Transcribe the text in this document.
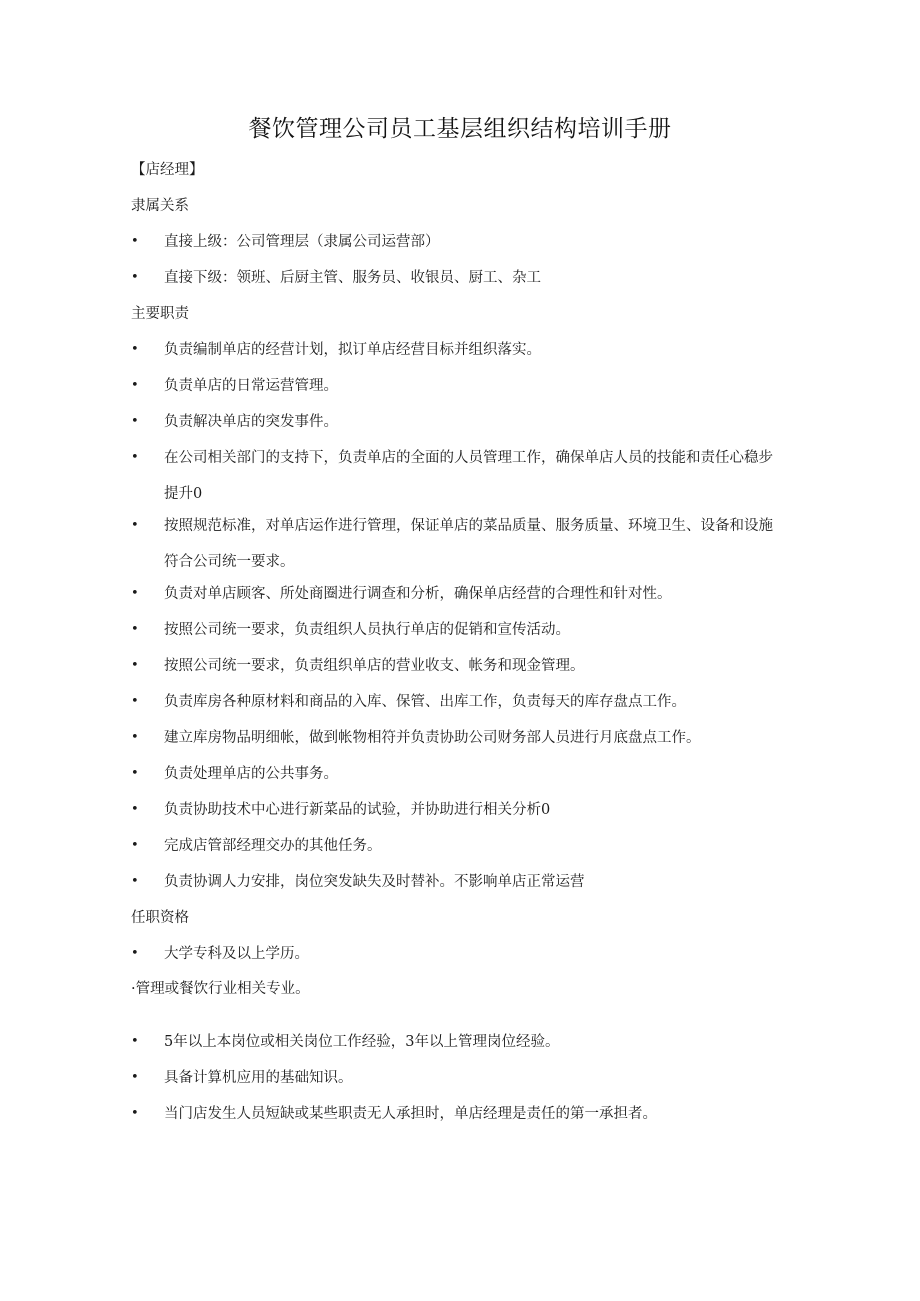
餐饮管理公司员工基层组织结构培训手册
【店经理】
隶属关系
•	直接上级：公司管理层（隶属公司运营部）
•	直接下级：领班、后厨主管、服务员、收银员、厨工、杂工
主要职责
•	负责编制单店的经营计划，拟订单店经营目标并组织落实。
•	负责单店的日常运营管理。
•	负责解决单店的突发事件。
•	在公司相关部门的支持下，负责单店的全面的人员管理工作，确保单店人员的技能和责任心稳步提升0
•	按照规范标准，对单店运作进行管理，保证单店的菜品质量、服务质量、环境卫生、设备和设施符合公司统一要求。
•	负责对单店顾客、所处商圈进行调查和分析，确保单店经营的合理性和针对性。
•	按照公司统一要求，负责组织人员执行单店的促销和宣传活动。
•	按照公司统一要求，负责组织单店的营业收支、帐务和现金管理。
•	负责库房各种原材料和商品的入库、保管、出库工作，负责每天的库存盘点工作。
•	建立库房物品明细帐，做到帐物相符并负责协助公司财务部人员进行月底盘点工作。
•	负责处理单店的公共事务。
•	负责协助技术中心进行新菜品的试验，并协助进行相关分析0
•	完成店管部经理交办的其他任务。
•	负责协调人力安排，岗位突发缺失及时替补。不影响单店正常运营
任职资格
•	大学专科及以上学历。
·管理或餐饮行业相关专业。
•	5年以上本岗位或相关岗位工作经验，3年以上管理岗位经验。
•	具备计算机应用的基础知识。
•	当门店发生人员短缺或某些职责无人承担时，单店经理是责任的第一承担者。
